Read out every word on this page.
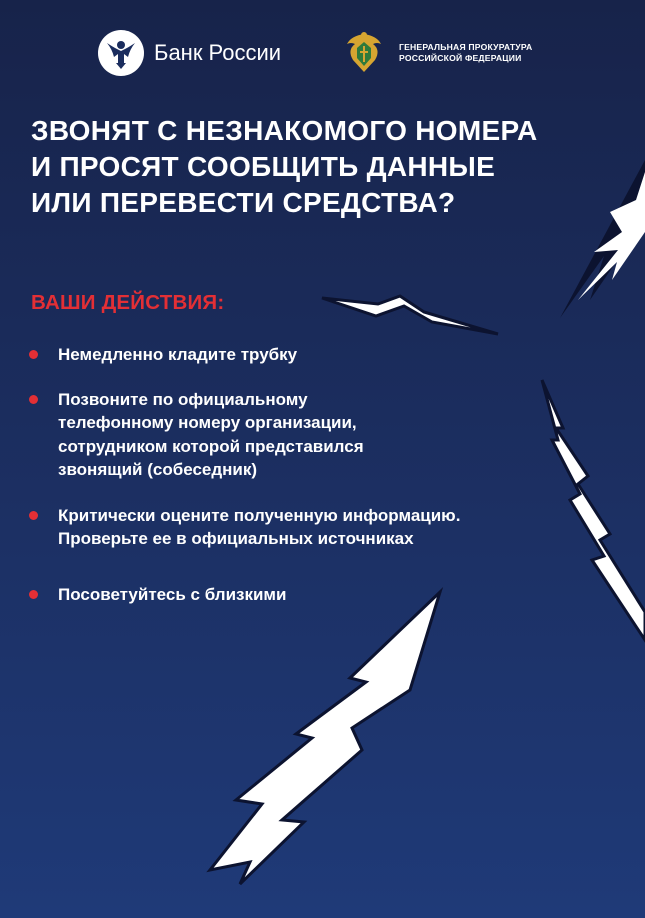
Банк России	ГЕНЕРАЛЬНАЯ ПРОКУРАТУРА
РОССИЙСКОЙ ФЕДЕРАЦИИ
ЗВОНЯТ С НЕЗНАКОМОГО НОМЕРА
И ПРОСЯТ СООБЩИТЬ ДАННЫЕ
ИЛИ ПЕРЕВЕСТИ СРЕДСТВА?
ВАШИ ДЕЙСТВИЯ:
Немедленно кладите трубку
Позвоните по официальному
телефонному номеру организации,
сотрудником которой представился
звонящий (собеседник)
Критически оцените полученную информацию.
Проверьте ее в официальных источниках
Посоветуйтесь с близкими
